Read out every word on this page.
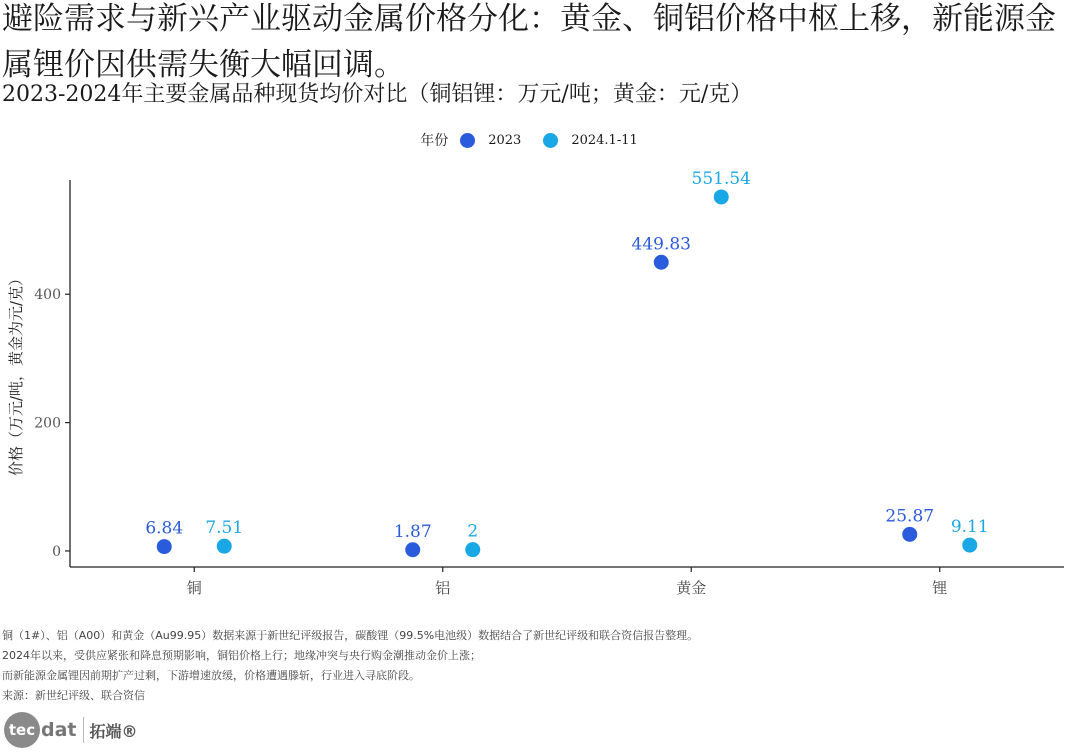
避险需求与新兴产业驱动金属价格分化：黄金、铜铝价格中枢上移，新能源金属锂价因供需失衡大幅回调。
2023-2024年主要金属品种现货均价对比（铜铝锂：万元/吨；黄金：元/克）
年份	2023	2024.1-11
0
200
400
铜	铝	黄金	锂
价格（万元/吨，黄金为元/克）
6.84	1.87
449.83
25.87
7.51	2
551.54
9.11
铜（1#）、铝（A00）和黄金（Au99.95）数据来源于新世纪评级报告，碳酸锂（99.5%电池级）数据结合了新世纪评级和联合资信报告整理。
2024年以来，受供应紧张和降息预期影响，铜铝价格上行；地缘冲突与央行购金潮推动金价上涨；
而新能源金属锂因前期扩产过剩，下游增速放缓，价格遭遇滕斩，行业进入寻底阶段。
来源：新世纪评级、联合资信
tec dat 拓端®
